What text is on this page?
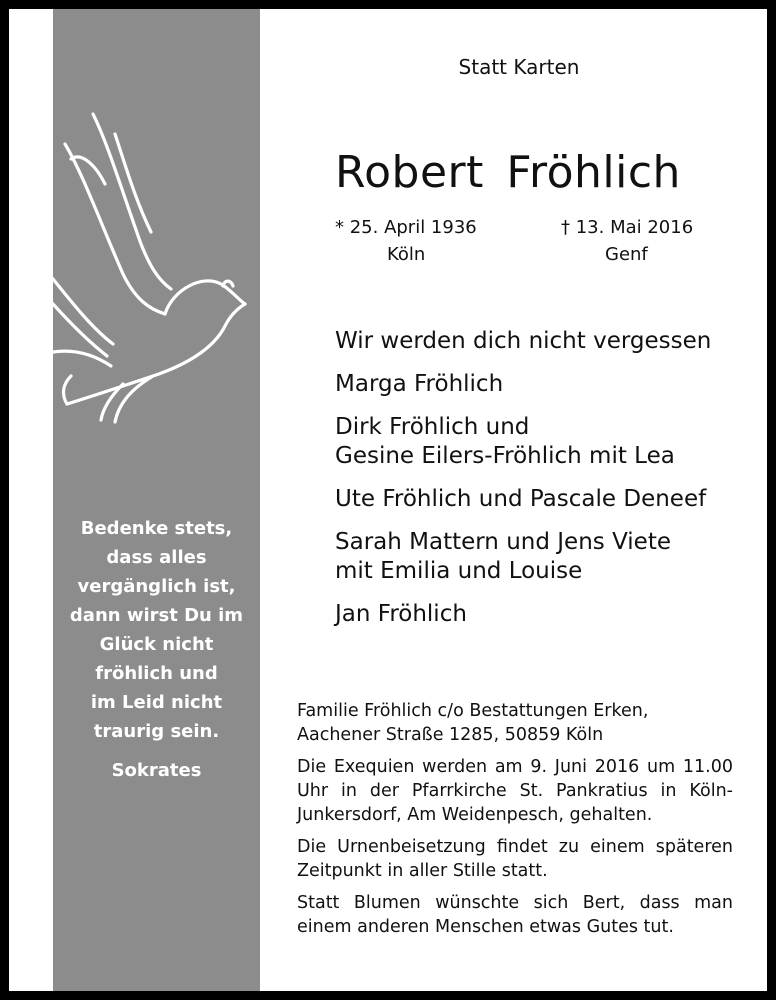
Bedenke stets,
dass alles
vergänglich ist,
dann wirst Du im
Glück nicht
fröhlich und
im Leid nicht
traurig sein.
Sokrates
Statt Karten
Robert Fröhlich
* 25. April 1936
Köln
† 13. Mai 2016
Genf
Wir werden dich nicht vergessen
Marga Fröhlich
Dirk Fröhlich und
Gesine Eilers-Fröhlich mit Lea
Ute Fröhlich und Pascale Deneef
Sarah Mattern und Jens Viete
mit Emilia und Louise
Jan Fröhlich

Familie Fröhlich c/o Bestattungen Erken,
Aachener Straße 1285, 50859 Köln

Die Exequien werden am 9. Juni 2016 um 11.00 Uhr in der Pfarrkirche St. Pankratius in Köln-Junkersdorf, Am Weidenpesch, gehalten.

Die Urnenbeisetzung findet zu einem späteren Zeitpunkt in aller Stille statt.

Statt Blumen wünschte sich Bert, dass man einem anderen Menschen etwas Gutes tut.
